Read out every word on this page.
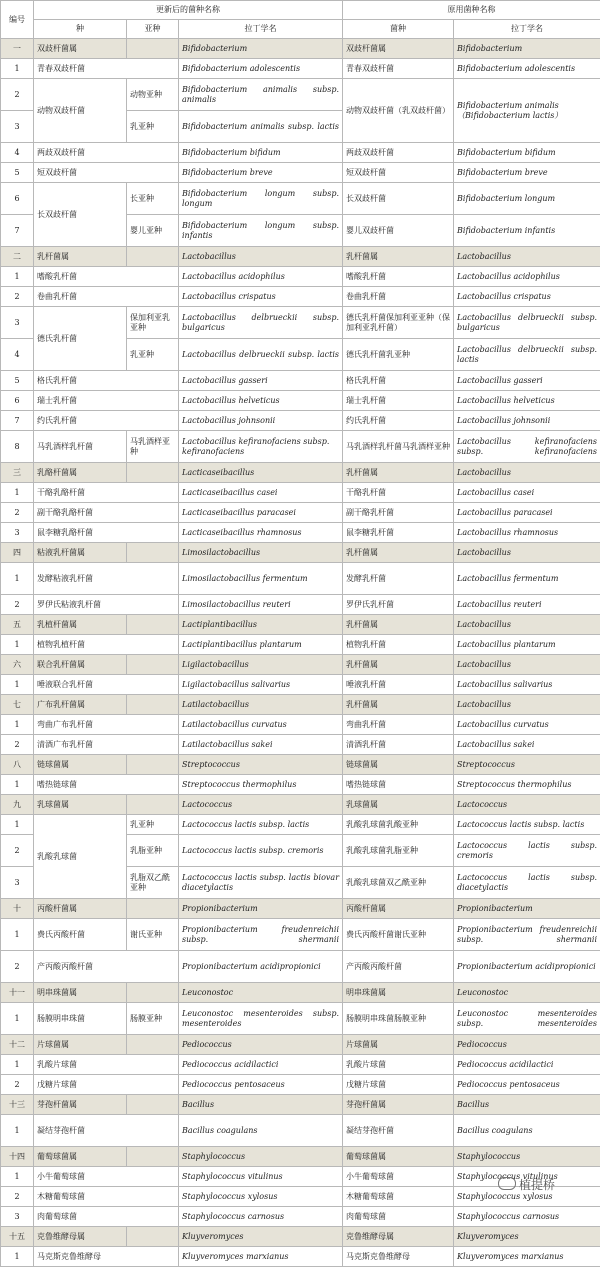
编号	更新后的菌种名称			原用菌种名称	
	种	亚种	拉丁学名	菌种	拉丁学名
一	双歧杆菌属		Bifidobacterium	双歧杆菌属	Bifidobacterium
1	青春双歧杆菌		Bifidobacterium adolescentis	青春双歧杆菌	Bifidobacterium adolescentis
2	动物双歧杆菌	动物亚种	Bifidobacterium animalis subsp. animalis	动物双歧杆菌（乳双歧杆菌）	Bifidobacterium animalis（Bifidobacterium lactis）
3		乳亚种	Bifidobacterium animalis subsp. lactis		
4	两歧双歧杆菌		Bifidobacterium bifidum	两歧双歧杆菌	Bifidobacterium bifidum
5	短双歧杆菌		Bifidobacterium breve	短双歧杆菌	Bifidobacterium breve
6	长双歧杆菌	长亚种	Bifidobacterium longum subsp. longum	长双歧杆菌	Bifidobacterium longum
7		婴儿亚种	Bifidobacterium longum subsp. infantis	婴儿双歧杆菌	Bifidobacterium infantis
二	乳杆菌属		Lactobacillus	乳杆菌属	Lactobacillus
1	嗜酸乳杆菌		Lactobacillus acidophilus	嗜酸乳杆菌	Lactobacillus acidophilus
2	卷曲乳杆菌		Lactobacillus crispatus	卷曲乳杆菌	Lactobacillus crispatus
3	德氏乳杆菌	保加利亚乳亚种	Lactobacillus delbrueckii subsp. bulgaricus	德氏乳杆菌保加利亚亚种（保加利亚乳杆菌）	Lactobacillus delbrueckii subsp. bulgaricus
4		乳亚种	Lactobacillus delbrueckii subsp. lactis	德氏乳杆菌乳亚种	Lactobacillus delbrueckii subsp. lactis
5	格氏乳杆菌		Lactobacillus gasseri	格氏乳杆菌	Lactobacillus gasseri
6	瑞士乳杆菌		Lactobacillus helveticus	瑞士乳杆菌	Lactobacillus helveticus
7	约氏乳杆菌		Lactobacillus johnsonii	约氏乳杆菌	Lactobacillus johnsonii
8	马乳酒样乳杆菌	马乳酒样亚种	Lactobacillus kefiranofaciens subsp. kefiranofaciens	马乳酒样乳杆菌马乳酒样亚种	Lactobacillus kefiranofaciens subsp. kefiranofaciens
三	乳酪杆菌属		Lacticaseibacillus	乳杆菌属	Lactobacillus
1	干酪乳酪杆菌		Lacticaseibacillus casei	干酪乳杆菌	Lactobacillus casei
2	副干酪乳酪杆菌		Lacticaseibacillus paracasei	副干酪乳杆菌	Lactobacillus paracasei
3	鼠李糖乳酪杆菌		Lacticaseibacillus rhamnosus	鼠李糖乳杆菌	Lactobacillus rhamnosus
四	粘液乳杆菌属		Limosilactobacillus	乳杆菌属	Lactobacillus
1	发酵粘液乳杆菌		Limosilactobacillus fermentum	发酵乳杆菌	Lactobacillus fermentum
2	罗伊氏粘液乳杆菌		Limosilactobacillus reuteri	罗伊氏乳杆菌	Lactobacillus reuteri
五	乳植杆菌属		Lactiplantibacillus	乳杆菌属	Lactobacillus
1	植物乳植杆菌		Lactiplantibacillus plantarum	植物乳杆菌	Lactobacillus plantarum
六	联合乳杆菌属		Ligilactobacillus	乳杆菌属	Lactobacillus
1	唾液联合乳杆菌		Ligilactobacillus salivarius	唾液乳杆菌	Lactobacillus salivarius
七	广布乳杆菌属		Latilactobacillus	乳杆菌属	Lactobacillus
1	弯曲广布乳杆菌		Latilactobacillus curvatus	弯曲乳杆菌	Lactobacillus curvatus
2	清酒广布乳杆菌		Latilactobacillus sakei	清酒乳杆菌	Lactobacillus sakei
八	链球菌属		Streptococcus	链球菌属	Streptococcus
1	嗜热链球菌		Streptococcus thermophilus	嗜热链球菌	Streptococcus thermophilus
九	乳球菌属		Lactococcus	乳球菌属	Lactococcus
1	乳酸乳球菌	乳亚种	Lactococcus lactis subsp. lactis	乳酸乳球菌乳酸亚种	Lactococcus lactis subsp. lactis
2		乳脂亚种	Lactococcus lactis subsp. cremoris	乳酸乳球菌乳脂亚种	Lactococcus lactis subsp. cremoris
3		乳脂双乙酰亚种	Lactococcus lactis subsp. lactis biovar diacetylactis	乳酸乳球菌双乙酰亚种	Lactococcus lactis subsp. diacetylactis
十	丙酸杆菌属		Propionibacterium	丙酸杆菌属	Propionibacterium
1	费氏丙酸杆菌	谢氏亚种	Propionibacterium freudenreichii subsp. shermanii	费氏丙酸杆菌谢氏亚种	Propionibacterium freudenreichii subsp. shermanii
2	产丙酸丙酸杆菌		Propionibacterium acidipropionici	产丙酸丙酸杆菌	Propionibacterium acidipropionici
十一	明串珠菌属		Leuconostoc	明串珠菌属	Leuconostoc
1	肠膜明串珠菌	肠膜亚种	Leuconostoc mesenteroides subsp. mesenteroides	肠膜明串珠菌肠膜亚种	Leuconostoc mesenteroides subsp. mesenteroides
十二	片球菌属		Pediococcus	片球菌属	Pediococcus
1	乳酸片球菌		Pediococcus acidilactici	乳酸片球菌	Pediococcus acidilactici
2	戊糖片球菌		Pediococcus pentosaceus	戊糖片球菌	Pediococcus pentosaceus
十三	芽孢杆菌属		Bacillus	芽孢杆菌属	Bacillus
1	凝结芽孢杆菌		Bacillus coagulans	凝结芽孢杆菌	Bacillus coagulans
十四	葡萄球菌属		Staphylococcus	葡萄球菌属	Staphylococcus
1	小牛葡萄球菌		Staphylococcus vitulinus	小牛葡萄球菌	Staphylococcus vitulinus
2	木糖葡萄球菌		Staphylococcus xylosus	木糖葡萄球菌	Staphylococcus xylosus
3	肉葡萄球菌		Staphylococcus carnosus	肉葡萄球菌	Staphylococcus carnosus
十五	克鲁维酵母属		Kluyveromyces	克鲁维酵母属	Kluyveromyces
1	马克斯克鲁维酵母		Kluyveromyces marxianus	马克斯克鲁维酵母	Kluyveromyces marxianus
植提桥
